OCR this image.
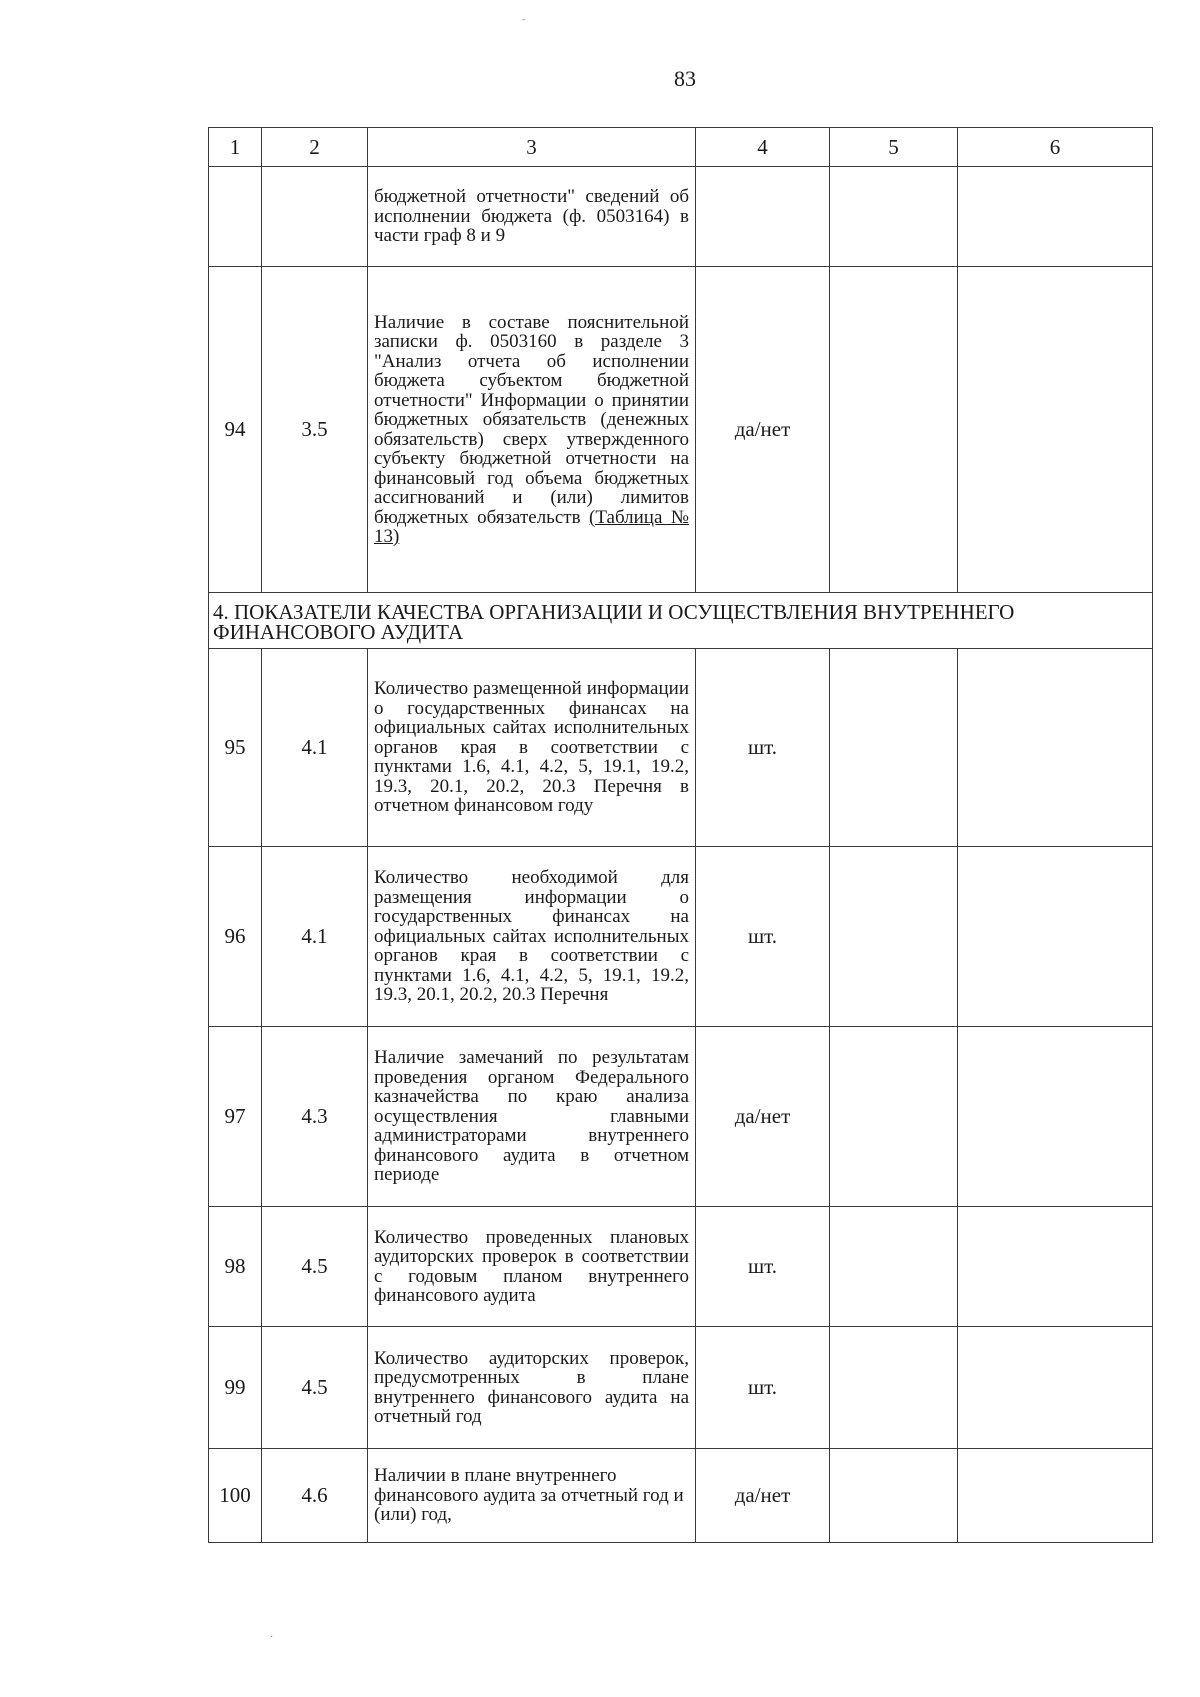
83
1	2	3	4	5	6
		бюджетной отчетности" сведений об исполнении бюджета (ф. 0503164) в части граф 8 и 9			
94	3.5	Наличие в составе пояснительной записки ф. 0503160 в разделе 3 "Анализ отчета об исполнении бюджета субъектом бюджетной отчетности" Информации о принятии бюджетных обязательств (денежных обязательств) сверх утвержденного субъекту бюджетной отчетности на финансовый год объема бюджетных ассигнований и (или) лимитов бюджетных обязательств (Таблица № 13)	да/нет		
4. ПОКАЗАТЕЛИ КАЧЕСТВА ОРГАНИЗАЦИИ И ОСУЩЕСТВЛЕНИЯ ВНУТРЕННЕГО ФИНАНСОВОГО АУДИТА					
95	4.1	Количество размещенной информации о государственных финансах на официальных сайтах исполнительных органов края в соответствии с пунктами 1.6, 4.1, 4.2, 5, 19.1, 19.2, 19.3, 20.1, 20.2, 20.3 Перечня в отчетном финансовом году	шт.		
96	4.1	Количество необходимой для размещения информации о государственных финансах на официальных сайтах исполнительных органов края в соответствии с пунктами 1.6, 4.1, 4.2, 5, 19.1, 19.2, 19.3, 20.1, 20.2, 20.3 Перечня	шт.		
97	4.3	Наличие замечаний по результатам проведения органом Федерального казначейства по краю анализа осуществления главными администраторами внутреннего финансового аудита в отчетном периоде	да/нет		
98	4.5	Количество проведенных плановых аудиторских проверок в соответствии с годовым планом внутреннего финансового аудита	шт.		
99	4.5	Количество аудиторских проверок, предусмотренных в плане внутреннего финансового аудита на отчетный год	шт.		
100	4.6	Наличии в плане внутреннего финансового аудита за отчетный год и (или) год,	да/нет		
ˉ
·
